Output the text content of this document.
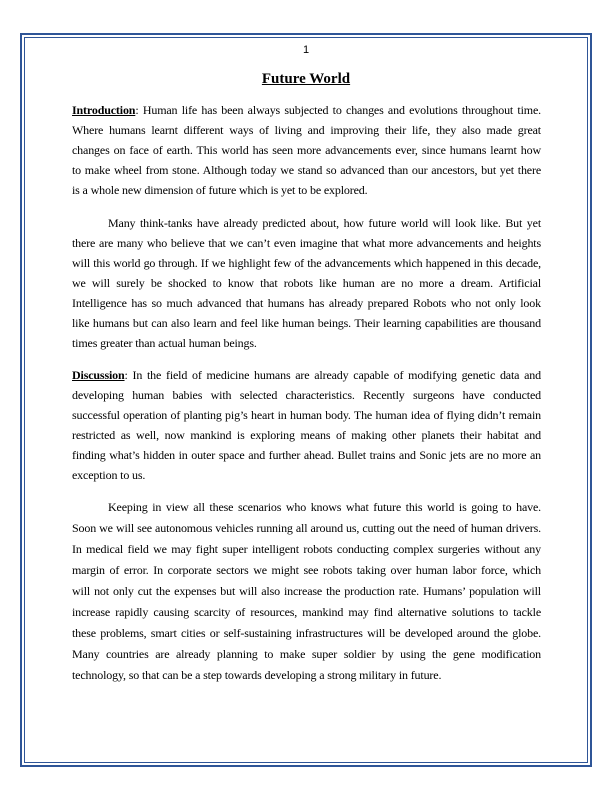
1
Future World
Introduction: Human life has been always subjected to changes and evolutions throughout time.
Where humans learnt different ways of living and improving their life, they also made great
changes on face of earth. This world has seen more advancements ever, since humans learnt how
to make wheel from stone. Although today we stand so advanced than our ancestors, but yet there
is a whole new dimension of future which is yet to be explored.
Many think-tanks have already predicted about, how future world will look like. But yet
there are many who believe that we can’t even imagine that what more advancements and heights
will this world go through. If we highlight few of the advancements which happened in this decade,
we will surely be shocked to know that robots like human are no more a dream. Artificial
Intelligence has so much advanced that humans has already prepared Robots who not only look
like humans but can also learn and feel like human beings. Their learning capabilities are thousand
times greater than actual human beings.
Discussion: In the field of medicine humans are already capable of modifying genetic data and
developing human babies with selected characteristics. Recently surgeons have conducted
successful operation of planting pig’s heart in human body. The human idea of flying didn’t remain
restricted as well, now mankind is exploring means of making other planets their habitat and
finding what’s hidden in outer space and further ahead. Bullet trains and Sonic jets are no more an
exception to us.
Keeping in view all these scenarios who knows what future this world is going to have.
Soon we will see autonomous vehicles running all around us, cutting out the need of human drivers.
In medical field we may fight super intelligent robots conducting complex surgeries without any
margin of error. In corporate sectors we might see robots taking over human labor force, which
will not only cut the expenses but will also increase the production rate. Humans’ population will
increase rapidly causing scarcity of resources, mankind may find alternative solutions to tackle
these problems, smart cities or self-sustaining infrastructures will be developed around the globe.
Many countries are already planning to make super soldier by using the gene modification
technology, so that can be a step towards developing a strong military in future.
